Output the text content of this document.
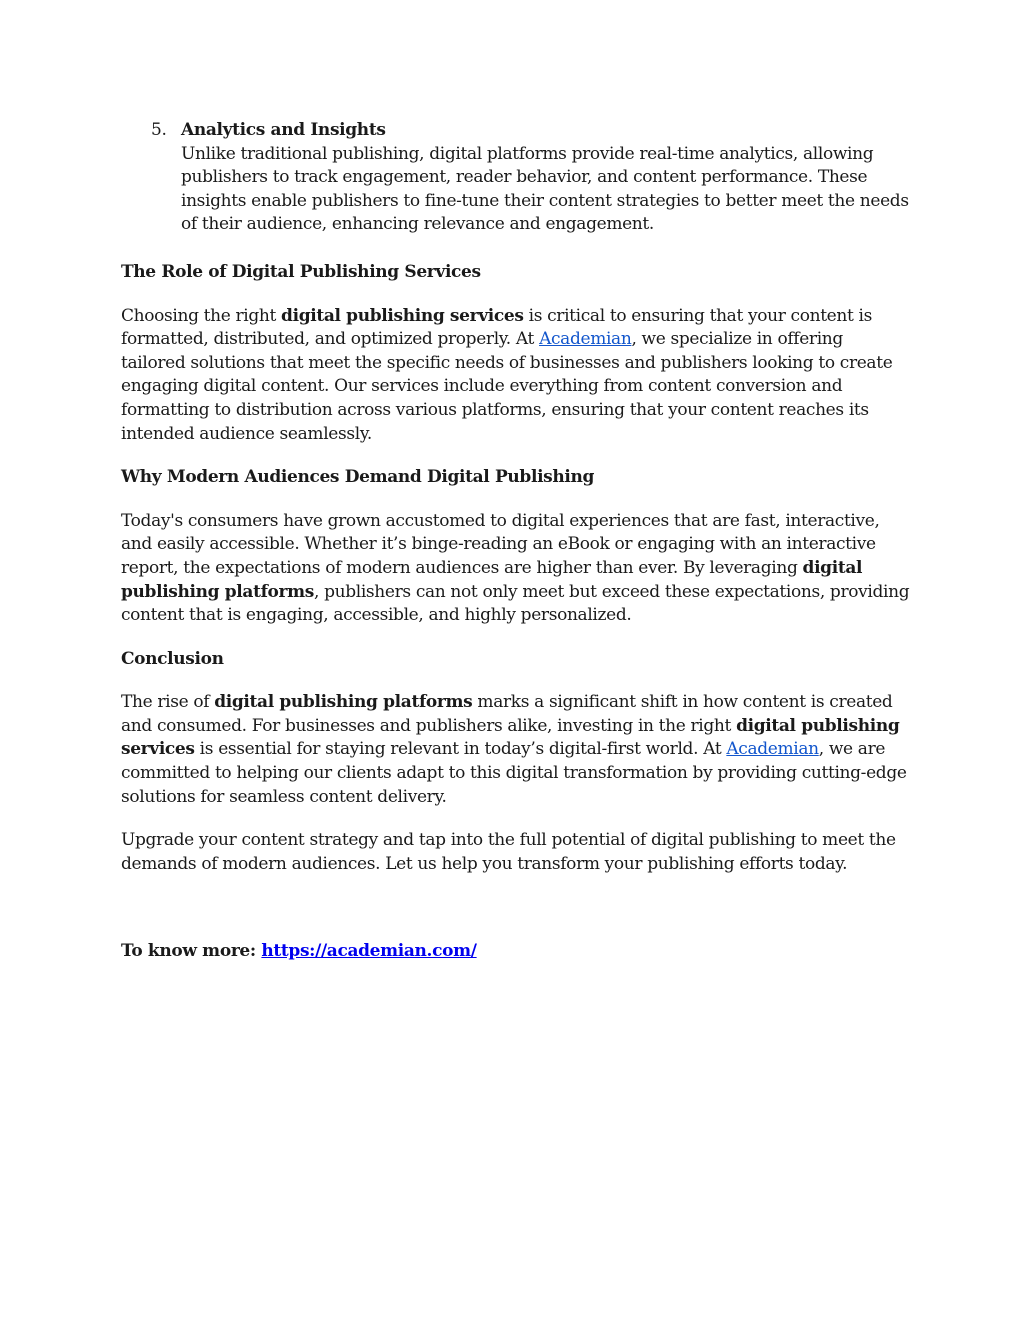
5. Analytics and Insights
Unlike traditional publishing, digital platforms provide real-time analytics, allowing publishers to track engagement, reader behavior, and content performance. These insights enable publishers to fine-tune their content strategies to better meet the needs of their audience, enhancing relevance and engagement.
The Role of Digital Publishing Services

Choosing the right digital publishing services is critical to ensuring that your content is formatted, distributed, and optimized properly. At Academian, we specialize in offering tailored solutions that meet the specific needs of businesses and publishers looking to create engaging digital content. Our services include everything from content conversion and formatting to distribution across various platforms, ensuring that your content reaches its intended audience seamlessly.

Why Modern Audiences Demand Digital Publishing

Today's consumers have grown accustomed to digital experiences that are fast, interactive, and easily accessible. Whether it’s binge-reading an eBook or engaging with an interactive report, the expectations of modern audiences are higher than ever. By leveraging digital publishing platforms, publishers can not only meet but exceed these expectations, providing content that is engaging, accessible, and highly personalized.

Conclusion

The rise of digital publishing platforms marks a significant shift in how content is created and consumed. For businesses and publishers alike, investing in the right digital publishing services is essential for staying relevant in today’s digital-first world. At Academian, we are committed to helping our clients adapt to this digital transformation by providing cutting-edge solutions for seamless content delivery.

Upgrade your content strategy and tap into the full potential of digital publishing to meet the demands of modern audiences. Let us help you transform your publishing efforts today.

To know more: https://academian.com/
